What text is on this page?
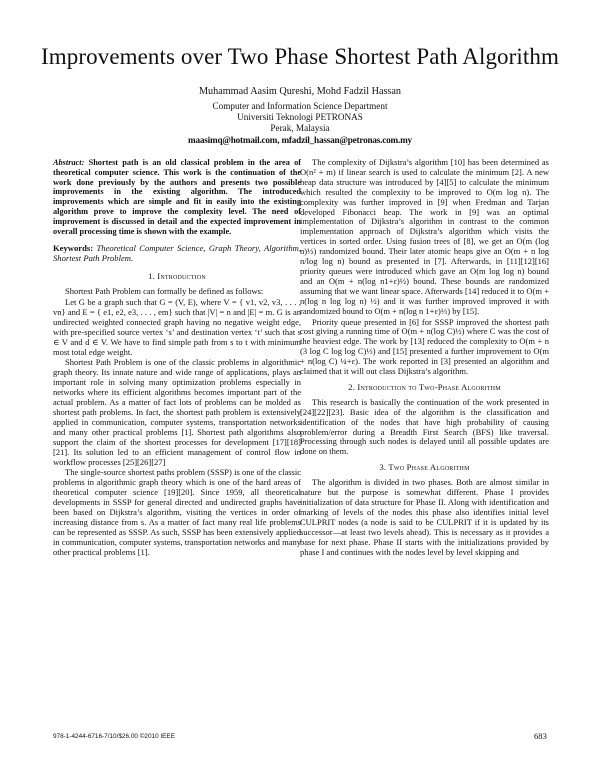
Improvements over Two Phase Shortest Path Algorithm
Muhammad Aasim Qureshi, Mohd Fadzil Hassan
Computer and Information Science Department
Universiti Teknologi PETRONAS
Perak, Malaysia
maasimq@hotmail.com, mfadzil_hassan@petronas.com.my

Abstract: Shortest path is an old classical problem in the area of theoretical computer science. This work is the continuation of the work done previously by the authors and presents two possible improvements in the existing algorithm. The introduced improvements which are simple and fit in easily into the existing algorithm prove to improve the complexity level. The need of improvement is discussed in detail and the expected improvement in overall processing time is shown with the example.

Keywords: Theoretical Computer Science, Graph Theory, Algorithm, Shortest Path Problem.

1. Introduction

Shortest Path Problem can formally be defined as follows:

Let G be a graph such that G = (V, E), where V = { v1, v2, v3, . . . , vn} and E = { e1, e2, e3, . . . , em} such that |V| = n and |E| = m. G is an undirected weighted connected graph having no negative weight edge, with pre-specified source vertex ‘s’ and destination vertex ‘t’ such that s ∈ V and d ∈ V. We have to find simple path from s to t with minimum most total edge weight.

Shortest Path Problem is one of the classic problems in algorithmic graph theory. Its innate nature and wide range of applications, plays an important role in solving many optimization problems especially in networks where its efficient algorithms becomes important part of the actual problem. As a matter of fact lots of problems can be molded as shortest path problems. In fact, the shortest path problem is extensively applied in communication, computer systems, transportation networks and many other practical problems [1]. Shortest path algorithms also support the claim of the shortest processes for development [17][18][21]. Its solution led to an efficient management of control flow in workflow processes [25][26][27]

The single-source shortest paths problem (SSSP) is one of the classic problems in algorithmic graph theory which is one of the hard areas of theoretical computer science [19][20]. Since 1959, all theoretical developments in SSSP for general directed and undirected graphs have been based on Dijkstra’s algorithm, visiting the vertices in order of increasing distance from s. As a matter of fact many real life problems can be represented as SSSP. As such, SSSP has been extensively applied in communication, computer systems, transportation networks and many other practical problems [1].

The complexity of Dijkstra’s algorithm [10] has been determined as O(n² + m) if linear search is used to calculate the minimum [2]. A new heap data structure was introduced by [4][5] to calculate the minimum which resulted the complexity to be improved to O(m log n). The complexity was further improved in [9] when Fredman and Tarjan developed Fibonacci heap. The work in [9] was an optimal implementation of Dijkstra’s algorithm in contrast to the common implementation approach of Dijkstra’s algorithm which visits the vertices in sorted order. Using fusion trees of [8], we get an O(m (log n)½) randomized bound. Their later atomic heaps give an O(m + n log n/log log n) bound as presented in [7]. Afterwards, in [11][12][16] priority queues were introduced which gave an O(m log log n) bound and an O(m + n(log n1+ε)½) bound. These bounds are randomized assuming that we want linear space. Afterwards [14] reduced it to O(m + n(log n log log n) ½) and it was further improved improved it with randomized bound to O(m + n(log n 1+ε)⅓) by [15].

Priority queue presented in [6] for SSSP improved the shortest path cost giving a running time of O(m + n(log C)½) where C was the cost of the heaviest edge. The work by [13] reduced the complexity to O(m + n (3 log C log log C)⅓) and [15] presented a further improvement to O(m + n(log C) ¼+ε). The work reported in [3] presented an algorithm and claimed that it will out class Dijkstra’s algorithm.

2. Introduction to Two-Phase Algorithm

This research is basically the continuation of the work presented in [24][22][23]. Basic idea of the algorithm is the classification and identification of the nodes that have high probability of causing problem/error during a Breadth First Search (BFS) like traversal. Processing through such nodes is delayed until all possible updates are done on them.

3. Two Phase Algorithm

The algorithm is divided in two phases. Both are almost similar in nature but the purpose is somewhat different. Phase I provides initialization of data structure for Phase II. Along with identification and marking of levels of the nodes this phase also identifies initial level CULPRIT nodes (a node is said to be CULPRIT if it is updated by its successor—at least two levels ahead). This is necessary as it provides a base for next phase. Phase II starts with the initializations provided by phase I and continues with the nodes level by level skipping and

978-1-4244-6716-7/10/$26.00 ©2010 IEEE	683
